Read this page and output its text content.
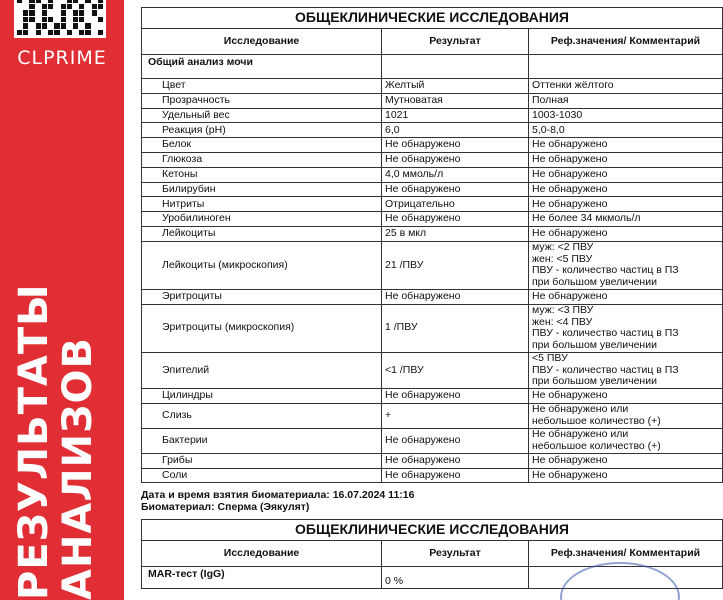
CLPRIME
РЕЗУЛЬТАТЫ
АНАЛИЗОВ
ОБЩЕКЛИНИЧЕСКИЕ ИССЛЕДОВАНИЯ
Исследование	Результат	Реф.значения/ Комментарий
Общий анализ мочи		
Цвет	Желтый	Оттенки жёлтого
Прозрачность	Мутноватая	Полная
Удельный вес	1021	1003-1030
Реакция (pH)	6,0	5,0-8,0
Белок	Не обнаружено	Не обнаружено
Глюкоза	Не обнаружено	Не обнаружено
Кетоны	4,0 ммоль/л	Не обнаружено
Билирубин	Не обнаружено	Не обнаружено
Нитриты	Отрицательно	Не обнаружено
Уробилиноген	Не обнаружено	Не более 34 мкмоль/л
Лейкоциты	25 в мкл	Не обнаружено
Лейкоциты (микроскопия)	21 /ПВУ	муж: <2 ПВУ
жен: <5 ПВУ
ПВУ - количество частиц в ПЗ
при большом увеличении

Эритроциты	Не обнаружено	Не обнаружено
Эритроциты (микроскопия)	1 /ПВУ	муж: <3 ПВУ
жен: <4 ПВУ
ПВУ - количество частиц в ПЗ
при большом увеличении

Эпителий	<1 /ПВУ	<5 ПВУ
ПВУ - количество частиц в ПЗ
при большом увеличении

Цилиндры	Не обнаружено	Не обнаружено
Слизь	+	Не обнаружено или
небольшое количество (+)

Бактерии	Не обнаружено	Не обнаружено или
небольшое количество (+)

Грибы	Не обнаружено	Не обнаружено
Соли	Не обнаружено	Не обнаружено
Дата и время взятия биоматериала: 16.07.2024 11:16
Биоматериал: Сперма (Эякулят)
ОБЩЕКЛИНИЧЕСКИЕ ИССЛЕДОВАНИЯ
Исследование	Результат	Реф.значения/ Комментарий
MAR-тест (IgG)	0 %	
